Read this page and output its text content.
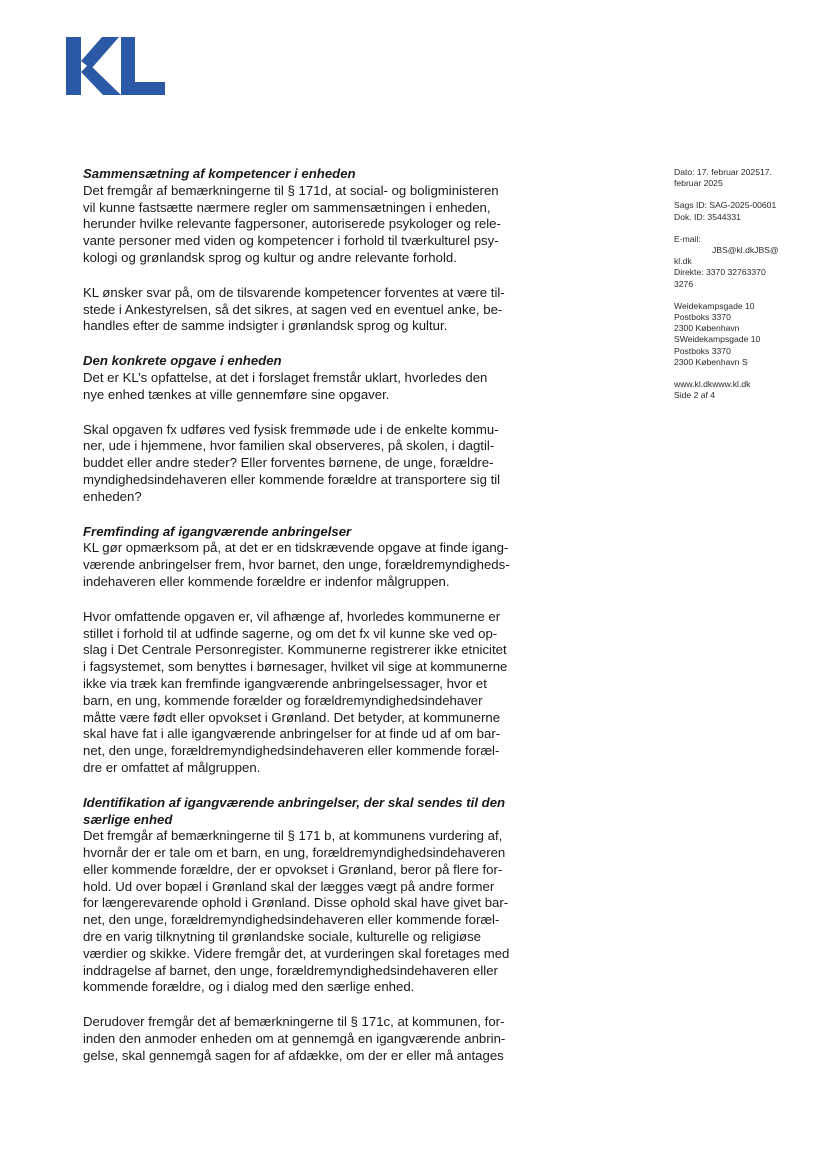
Sammensætning af kompetencer i enheden
Det fremgår af bemærkningerne til § 171d, at social- og boligministeren
vil kunne fastsætte nærmere regler om sammensætningen i enheden,
herunder hvilke relevante fagpersoner, autoriserede psykologer og rele-
vante personer med viden og kompetencer i forhold til tværkulturel psy-
kologi og grønlandsk sprog og kultur og andre relevante forhold.
KL ønsker svar på, om de tilsvarende kompetencer forventes at være til-
stede i Ankestyrelsen, så det sikres, at sagen ved en eventuel anke, be-
handles efter de samme indsigter i grønlandsk sprog og kultur.
Den konkrete opgave i enheden
Det er KL’s opfattelse, at det i forslaget fremstår uklart, hvorledes den
nye enhed tænkes at ville gennemføre sine opgaver.
Skal opgaven fx udføres ved fysisk fremmøde ude i de enkelte kommu-
ner, ude i hjemmene, hvor familien skal observeres, på skolen, i dagtil-
buddet eller andre steder? Eller forventes børnene, de unge, forældre-
myndighedsindehaveren eller kommende forældre at transportere sig til
enheden?
Fremfinding af igangværende anbringelser
KL gør opmærksom på, at det er en tidskrævende opgave at finde igang-
værende anbringelser frem, hvor barnet, den unge, forældremyndigheds-
indehaveren eller kommende forældre er indenfor målgruppen.
Hvor omfattende opgaven er, vil afhænge af, hvorledes kommunerne er
stillet i forhold til at udfinde sagerne, og om det fx vil kunne ske ved op-
slag i Det Centrale Personregister. Kommunerne registrerer ikke etnicitet
i fagsystemet, som benyttes i børnesager, hvilket vil sige at kommunerne
ikke via træk kan fremfinde igangværende anbringelsessager, hvor et
barn, en ung, kommende forælder og forældremyndighedsindehaver
måtte være født eller opvokset i Grønland. Det betyder, at kommunerne
skal have fat i alle igangværende anbringelser for at finde ud af om bar-
net, den unge, forældremyndighedsindehaveren eller kommende foræl-
dre er omfattet af målgruppen.
Identifikation af igangværende anbringelser, der skal sendes til den
særlige enhed
Det fremgår af bemærkningerne til § 171 b, at kommunens vurdering af,
hvornår der er tale om et barn, en ung, forældremyndighedsindehaveren
eller kommende forældre, der er opvokset i Grønland, beror på flere for-
hold. Ud over bopæl i Grønland skal der lægges vægt på andre former
for længerevarende ophold i Grønland. Disse ophold skal have givet bar-
net, den unge, forældremyndighedsindehaveren eller kommende foræl-
dre en varig tilknytning til grønlandske sociale, kulturelle og religiøse
værdier og skikke. Videre fremgår det, at vurderingen skal foretages med
inddragelse af barnet, den unge, forældremyndighedsindehaveren eller
kommende forældre, og i dialog med den særlige enhed.
Derudover fremgår det af bemærkningerne til § 171c, at kommunen, for-
inden den anmoder enheden om at gennemgå en igangværende anbrin-
gelse, skal gennemgå sagen for af afdække, om der er eller må antages
Dato: 17. februar 202517.
februar 2025
Sags ID: SAG-2025-00601
Dok. ID: 3544331
E-mail:
JBS@kl.dkJBS@
kl.dk
Direkte: 3370 32763370
3276
Weidekampsgade 10
Postboks 3370
2300 København
SWeidekampsgade 10
Postboks 3370
2300 København S
www.kl.dkwww.kl.dk
Side 2 af 4
